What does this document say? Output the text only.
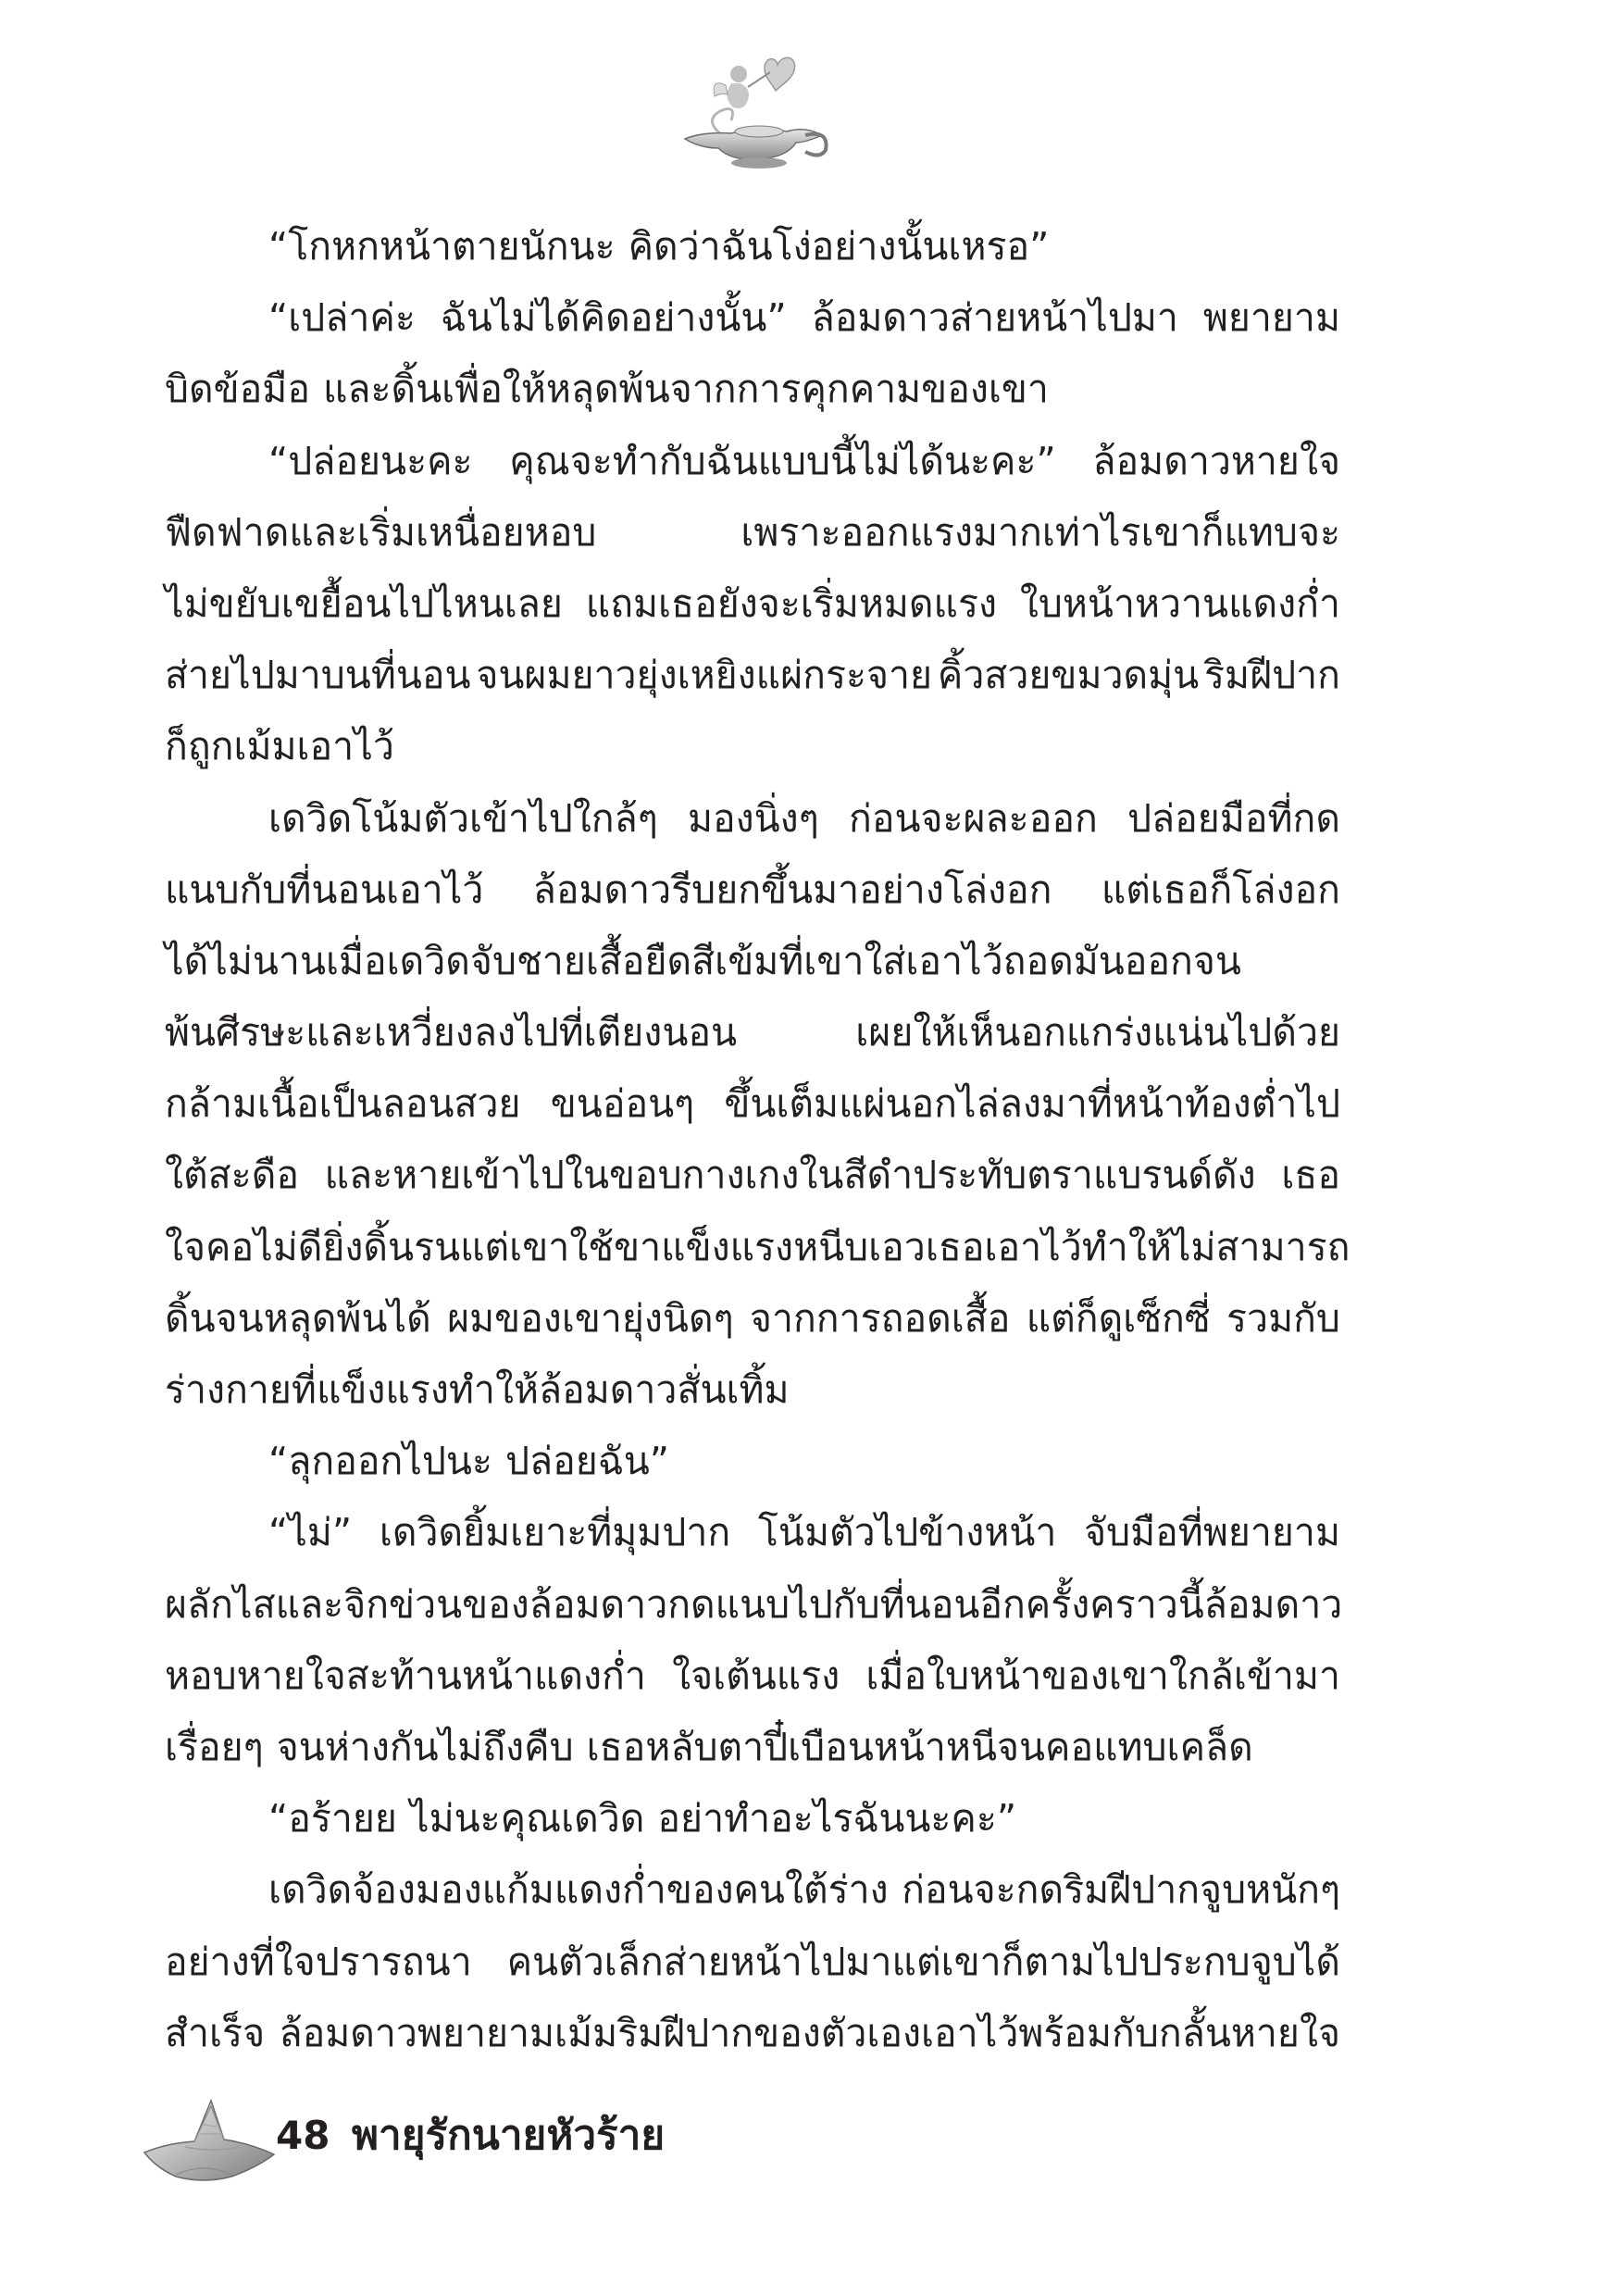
“โกหกหน้าตายนักนะ คิดว่าฉันโง่อย่างนั้นเหรอ”
“เปล่าค่ะ ฉันไม่ได้คิดอย่างนั้น” ล้อมดาวส่ายหน้าไปมา พยายาม
บิดข้อมือ และดิ้นเพื่อให้หลุดพ้นจากการคุกคามของเขา
“ปล่อยนะคะ คุณจะทำกับฉันแบบนี้ไม่ได้นะคะ” ล้อมดาวหายใจ
ฟืดฟาดและเริ่มเหนื่อยหอบ	เพราะออกแรงมากเท่าไรเขาก็แทบจะ
ไม่ขยับเขยื้อนไปไหนเลย แถมเธอยังจะเริ่มหมดแรง ใบหน้าหวานแดงก่ำ
ส่ายไปมาบนที่นอน จนผมยาวยุ่งเหยิงแผ่กระจาย คิ้วสวยขมวดมุ่น ริมฝีปาก
ก็ถูกเม้มเอาไว้
เดวิดโน้มตัวเข้าไปใกล้ๆ มองนิ่งๆ ก่อนจะผละออก ปล่อยมือที่กด
แนบกับที่นอนเอาไว้ ล้อมดาวรีบยกขึ้นมาอย่างโล่งอก แต่เธอก็โล่งอก
ได้ไม่นานเมื่อเดวิดจับชายเสื้อยืดสีเข้มที่เขาใส่เอาไว้ถอดมันออกจน
พ้นศีรษะและเหวี่ยงลงไปที่เตียงนอน	เผยให้เห็นอกแกร่งแน่นไปด้วย
กล้ามเนื้อเป็นลอนสวย ขนอ่อนๆ ขึ้นเต็มแผ่นอกไล่ลงมาที่หน้าท้องต่ำไป
ใต้สะดือ และหายเข้าไปในขอบกางเกงในสีดำประทับตราแบรนด์ดัง เธอ
ใจคอไม่ดี ยิ่งดิ้นรน แต่เขาใช้ขาแข็งแรงหนีบเอวเธอเอาไว้ ทำให้ไม่สามารถ
ดิ้นจนหลุดพ้นได้ ผมของเขายุ่งนิดๆ จากการถอดเสื้อ แต่ก็ดูเซ็กซี่ รวมกับ
ร่างกายที่แข็งแรงทำให้ล้อมดาวสั่นเทิ้ม
“ลุกออกไปนะ ปล่อยฉัน”
“ไม่” เดวิดยิ้มเยาะที่มุมปาก โน้มตัวไปข้างหน้า จับมือที่พยายาม
ผลักไสและจิกข่วนของล้อมดาวกดแนบไปกับที่นอนอีกครั้ง คราวนี้ล้อมดาว
หอบหายใจสะท้านหน้าแดงก่ำ ใจเต้นแรง เมื่อใบหน้าของเขาใกล้เข้ามา
เรื่อยๆ จนห่างกันไม่ถึงคืบ เธอหลับตาปี๋เบือนหน้าหนีจนคอแทบเคล็ด
“อร้ายย ไม่นะคุณเดวิด อย่าทำอะไรฉันนะคะ”
เดวิดจ้องมองแก้มแดงก่ำของคนใต้ร่าง ก่อนจะกดริมฝีปากจูบหนักๆ
อย่างที่ใจปรารถนา คนตัวเล็กส่ายหน้าไปมาแต่เขาก็ตามไปประกบจูบได้
สำเร็จ ล้อมดาวพยายามเม้มริมฝีปากของตัวเองเอาไว้พร้อมกับกลั้นหายใจ
48 พายุรักนายหัวร้าย
